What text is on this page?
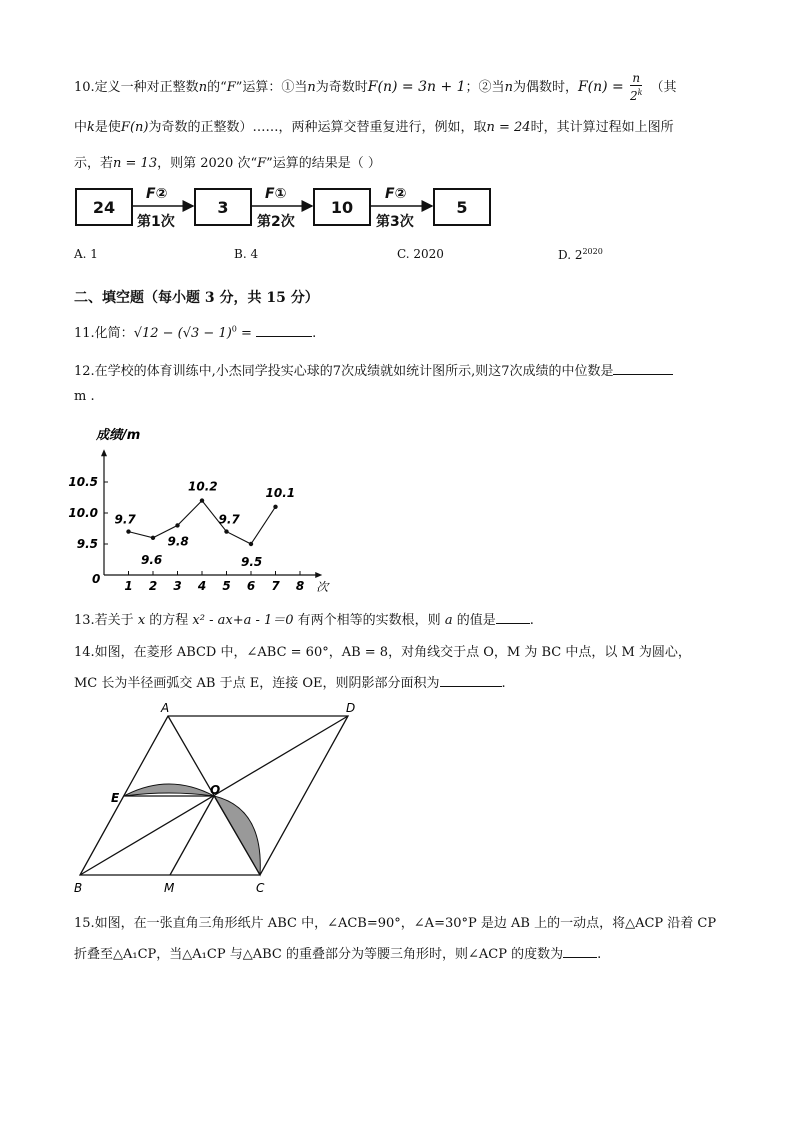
10.定义一种对正整数n的“F”运算：①当n为奇数时F(n) = 3n + 1；②当n为偶数时，$F(n) = \frac{n}{2^k}$ （其
中k是使F(n)为奇数的正整数）……，两种运算交替重复进行，例如，取n = 24时，其计算过程如上图所
示，若n = 13，则第 2020 次“F”运算的结果是（ ）
24	3	10	5
F②	F①	F②
第1次	第2次	第3次
A. 1	B. 4	C. 2020	D. $2^{2020}$
二、填空题（每小题 3 分，共 15 分）
11.化简：$√12 - (√3 - 1)^0$ =	.
12.在学校的体育训练中,小杰同学投实心球的7次成绩就如统计图所示,则这7次成绩的中位数是
m .
9.5
10.0
10.5
1 2 3 4 5 6 7 8
0
成绩/m
次
9.7
9.6
9.8
10.2
9.7
9.5
10.1
13.若关于 x 的方程 x² - ax+a - 1＝0 有两个相等的实数根，则 a 的值是	.
14.如图，在菱形 ABCD 中，∠ABC = 60°，AB = 8，对角线交于点 O，M 为 BC 中点，以 M 为圆心，
MC 长为半径画弧交 AB 于点 E，连接 OE，则阴影部分面积为	.
A	D
B	C
M
E
O
15.如图，在一张直角三角形纸片 ABC 中，∠ACB=90°，∠A=30°P 是边 AB 上的一动点，将△ACP 沿着 CP
折叠至△A₁CP，当△A₁CP 与△ABC 的重叠部分为等腰三角形时，则∠ACP 的度数为	.
